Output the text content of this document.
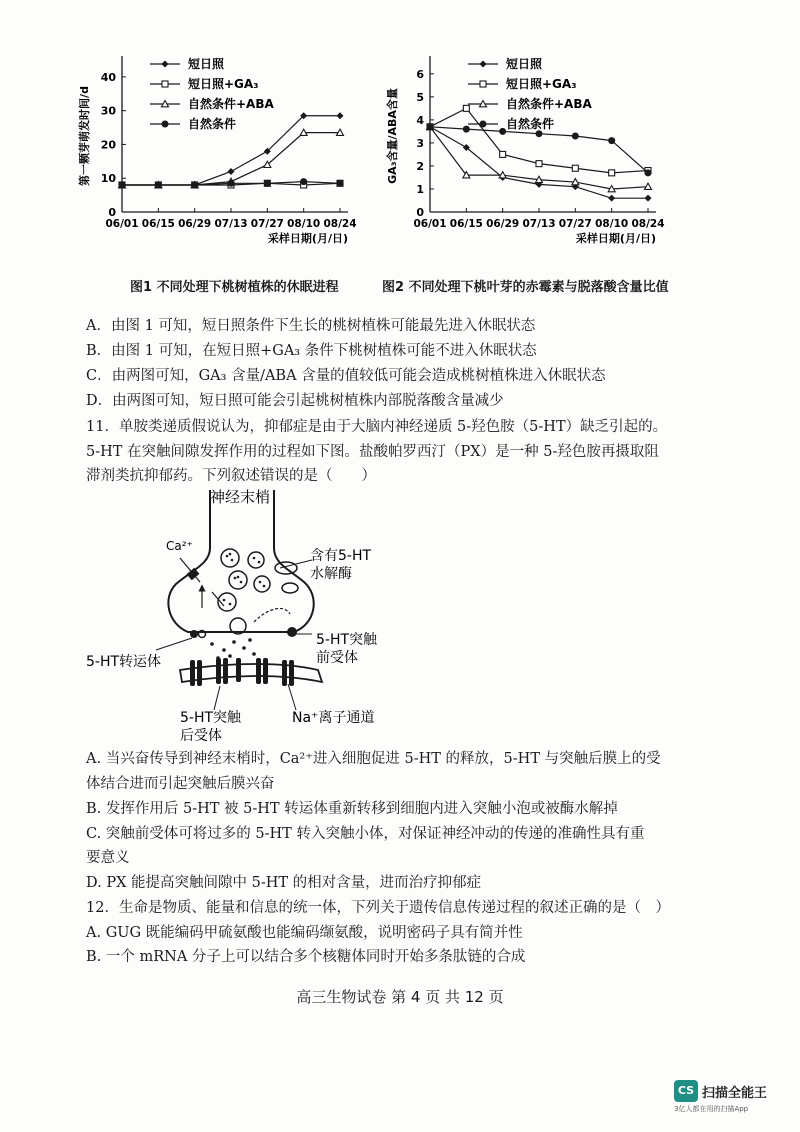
0
10
20
30
40
06/01 06/15 06/29 07/13 07/27 08/10 08/24
采样日期(月/日)
第一颗芽萌发时间/d
短日照
短日照+GA₃
自然条件+ABA
自然条件
图1 不同处理下桃树植株的休眠进程
0
1
2
3
4
5
6
06/01 06/15 06/29 07/13 07/27 08/10 08/24
采样日期(月/日)
GA₃含量/ABA含量
短日照
短日照+GA₃
自然条件+ABA
自然条件
图2 不同处理下桃叶芽的赤霉素与脱落酸含量比值
A．由图 1 可知，短日照条件下生长的桃树植株可能最先进入休眠状态
B．由图 1 可知，在短日照+GA₃ 条件下桃树植株可能不进入休眠状态
C．由两图可知，GA₃ 含量/ABA 含量的值较低可能会造成桃树植株进入休眠状态
D．由两图可知，短日照可能会引起桃树植株内部脱落酸含量减少
11．单胺类递质假说认为，抑郁症是由于大脑内神经递质 5-羟色胺（5-HT）缺乏引起的。
5-HT 在突触间隙发挥作用的过程如下图。盐酸帕罗西汀（PX）是一种 5-羟色胺再摄取阻
滞剂类抗抑郁药。下列叙述错误的是（　　）
神经末梢
Ca²⁺
含有5-HT
水解酶
5-HT转运体
5-HT突触
前受体
5-HT突触
后受体
Na⁺离子通道
A. 当兴奋传导到神经末梢时，Ca²⁺进入细胞促进 5-HT 的释放，5-HT 与突触后膜上的受
体结合进而引起突触后膜兴奋
B. 发挥作用后 5-HT 被 5-HT 转运体重新转移到细胞内进入突触小泡或被酶水解掉
C. 突触前受体可将过多的 5-HT 转入突触小体，对保证神经冲动的传递的准确性具有重
要意义
D. PX 能提高突触间隙中 5-HT 的相对含量，进而治疗抑郁症
12．生命是物质、能量和信息的统一体，下列关于遗传信息传递过程的叙述正确的是（　）
A. GUG 既能编码甲硫氨酸也能编码缬氨酸，说明密码子具有简并性
B. 一个 mRNA 分子上可以结合多个核糖体同时开始多条肽链的合成
高三生物试卷 第 4 页 共 12 页
CS 扫描全能王
3亿人都在用的扫描App
